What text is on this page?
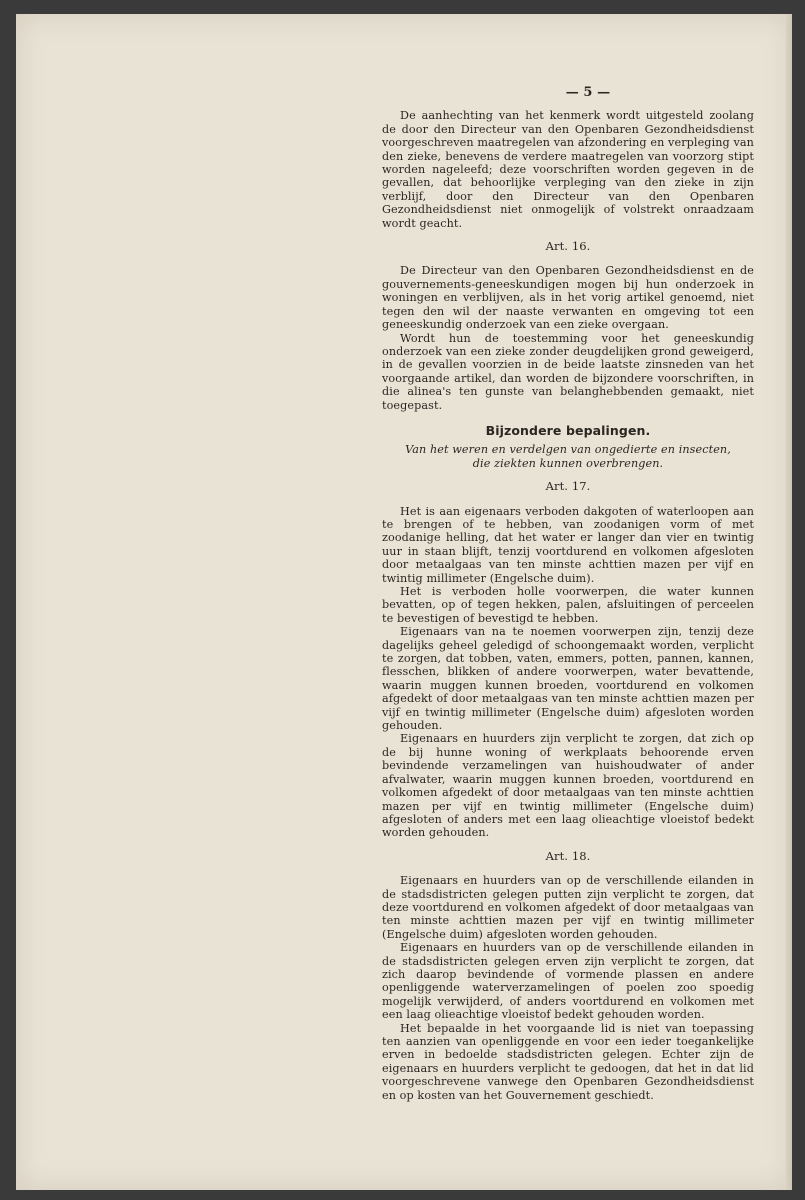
— 5 —

De aanhechting van het kenmerk wordt uitgesteld zoolang de door den Directeur van den Openbaren Gezondheidsdienst voorgeschreven maatregelen van afzondering en verpleging van den zieke, benevens de verdere maatregelen van voorzorg stipt worden nageleefd; deze voorschriften worden gegeven in de gevallen, dat behoorlijke verpleging van den zieke in zijn verblijf, door den Directeur van den Openbaren Gezondheidsdienst niet onmogelijk of volstrekt onraadzaam wordt geacht.

Art. 16.

De Directeur van den Openbaren Gezondheidsdienst en de gouvernements-geneeskundigen mogen bij hun onderzoek in woningen en verblijven, als in het vorig artikel genoemd, niet tegen den wil der naaste verwanten en omgeving tot een geneeskundig onderzoek van een zieke overgaan.

Wordt hun de toestemming voor het geneeskundig onderzoek van een zieke zonder deugdelijken grond geweigerd, in de gevallen voorzien in de beide laatste zinsneden van het voorgaande artikel, dan worden de bijzondere voorschriften, in die alinea's ten gunste van belanghebbenden gemaakt, niet toegepast.

Bijzondere bepalingen.
Van het weren en verdelgen van ongedierte en insecten,
die ziekten kunnen overbrengen.
Art. 17.

Het is aan eigenaars verboden dakgoten of waterloopen aan te brengen of te hebben, van zoodanigen vorm of met zoodanige helling, dat het water er langer dan vier en twintig uur in staan blijft, tenzij voortdurend en volkomen afgesloten door metaalgaas van ten minste achttien mazen per vijf en twintig millimeter (Engelsche duim).

Het is verboden holle voorwerpen, die water kunnen bevatten, op of tegen hekken, palen, afsluitingen of perceelen te bevestigen of bevestigd te hebben.

Eigenaars van na te noemen voorwerpen zijn, tenzij deze dagelijks geheel geledigd of schoongemaakt worden, verplicht te zorgen, dat tobben, vaten, emmers, potten, pannen, kannen, flesschen, blikken of andere voorwerpen, water bevattende, waarin muggen kunnen broeden, voortdurend en volkomen afgedekt of door metaalgaas van ten minste achttien mazen per vijf en twintig millimeter (Engelsche duim) afgesloten worden gehouden.

Eigenaars en huurders zijn verplicht te zorgen, dat zich op de bij hunne woning of werkplaats behoorende erven bevindende verzamelingen van huishoudwater of ander afvalwater, waarin muggen kunnen broeden, voortdurend en volkomen afgedekt of door metaalgaas van ten minste achttien mazen per vijf en twintig millimeter (Engelsche duim) afgesloten of anders met een laag olieachtige vloeistof bedekt worden gehouden.

Art. 18.

Eigenaars en huurders van op de verschillende eilanden in de stadsdistricten gelegen putten zijn verplicht te zorgen, dat deze voortdurend en volkomen afgedekt of door metaalgaas van ten minste achttien mazen per vijf en twintig millimeter (Engelsche duim) afgesloten worden gehouden.

Eigenaars en huurders van op de verschillende eilanden in de stadsdistricten gelegen erven zijn verplicht te zorgen, dat zich daarop bevindende of vormende plassen en andere openliggende waterverzamelingen of poelen zoo spoedig mogelijk verwijderd, of anders voortdurend en volkomen met een laag olieachtige vloeistof bedekt gehouden worden.

Het bepaalde in het voorgaande lid is niet van toepassing ten aanzien van openliggende en voor een ieder toegankelijke erven in bedoelde stadsdistricten gelegen. Echter zijn de eigenaars en huurders verplicht te gedoogen, dat het in dat lid voorgeschrevene vanwege den Openbaren Gezondheidsdienst en op kosten van het Gouvernement geschiedt.
